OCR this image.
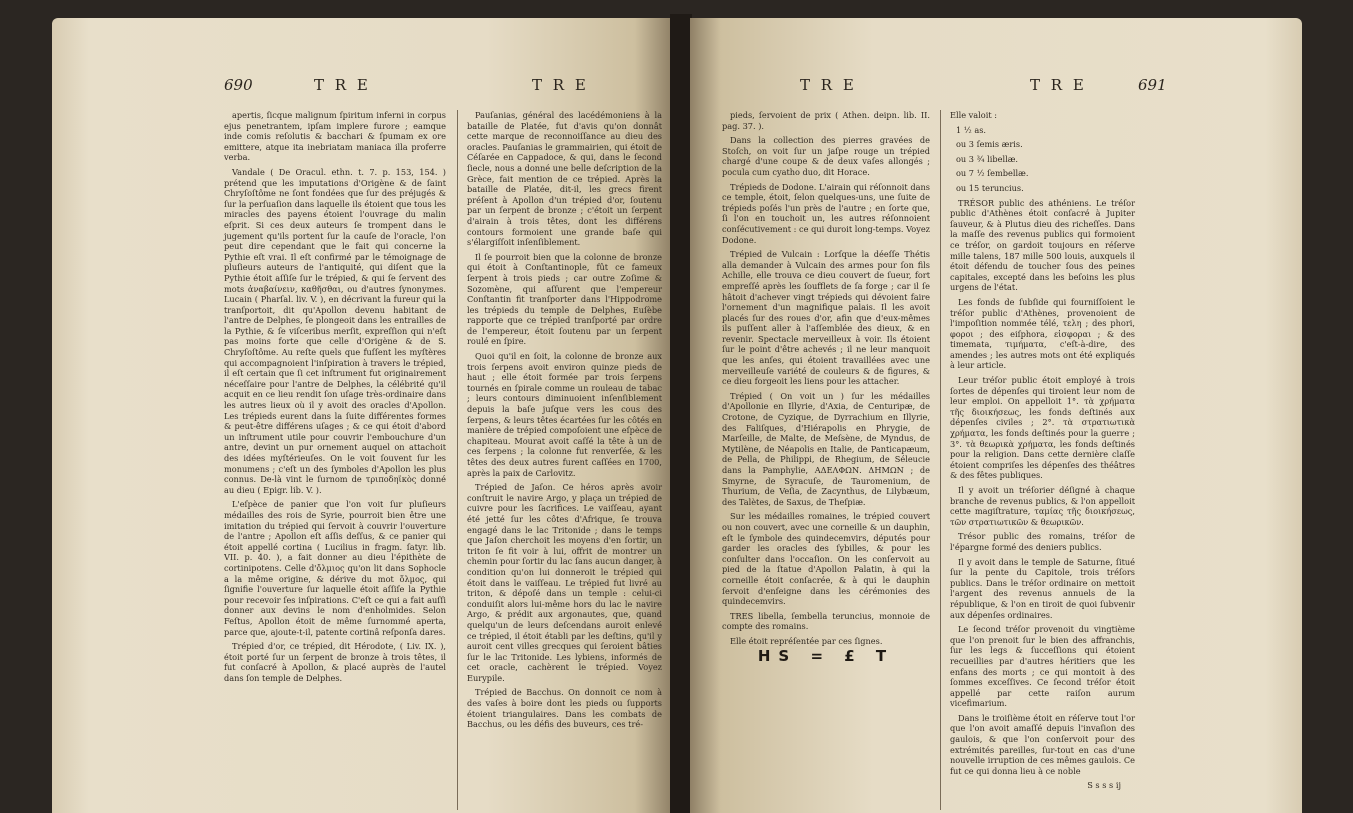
690	T R E	T R E

apertis, ſicque malignum ſpiritum inferni in corpus ejus penetrantem, ipſam implere furore ; eamque inde comis reſolutis & bacchari & ſpumam ex ore emittere, atque ita inebriatam maniaca illa proferre verba.

Vandale ( De Oracul. ethn. t. 7. p. 153, 154. ) prétend que les imputations d'Origène & de ſaint Chryſoſtôme ne ſont fondées que ſur des préjugés & ſur la perſuaſion dans laquelle ils étoient que tous les miracles des payens étoient l'ouvrage du malin eſprit. Si ces deux auteurs ſe trompent dans le jugement qu'ils portent ſur la cauſe de l'oracle, l'on peut dire cependant que le fait qui concerne la Pythie eſt vrai. Il eſt confirmé par le témoignage de pluſieurs auteurs de l'antiquité, qui diſent que la Pythie étoit aſſiſe ſur le trépied, & qui ſe ſervent des mots ἀναβαίνειν, καθῆσθαι, ou d'autres ſynonymes. Lucain ( Pharſal. liv. V. ), en décrivant la fureur qui la tranſportoit, dit qu'Apollon devenu habitant de l'antre de Delphes, ſe plongeoit dans les entrailles de la Pythie, & ſe viſceribus merſit, expreſſion qui n'eſt pas moins forte que celle d'Origène & de S. Chryſoſtôme. Au reſte quels que fuſſent les myſtères qui accompagnoient l'inſpiration à travers le trépied, il eſt certain que ſi cet inſtrument fut originairement néceſſaire pour l'antre de Delphes, la célébrité qu'il acquit en ce lieu rendit ſon uſage très-ordinaire dans les autres lieux où il y avoit des oracles d'Apollon. Les trépieds eurent dans la ſuite différentes formes & peut-être différens uſages ; & ce qui étoit d'abord un inſtrument utile pour couvrir l'embouchure d'un antre, devint un pur ornement auquel on attachoit des idées myſtérieuſes. On le voit ſouvent ſur les monumens ; c'eſt un des ſymboles d'Apollon les plus connus. De-là vint le ſurnom de τριποδηϊκὸς donné au dieu ( Epigr. lib. V. ).

L'eſpèce de panier que l'on voit ſur pluſieurs médailles des rois de Syrie, pourroit bien être une imitation du trépied qui ſervoit à couvrir l'ouverture de l'antre ; Apollon eſt aſſis deſſus, & ce panier qui étoit appellé cortina ( Lucilius in fragm. ſatyr. lib. VII. p. 40. ), a fait donner au dieu l'épithète de cortinipotens. Celle d'ὄλμιος qu'on lit dans Sophocle a la même origine, & dérive du mot ὅλμος, qui ſignifie l'ouverture ſur laquelle étoit aſſiſe la Pythie pour recevoir ſes inſpirations. C'eſt ce qui a fait auſſi donner aux devins le nom d'enholmides. Selon Feſtus, Apollon étoit de même ſurnommé aperta, parce que, ajoute-t-il, patente cortinâ reſponſa dares.

Trépied d'or, ce trépied, dit Hérodote, ( Liv. IX. ), étoit porté ſur un ſerpent de bronze à trois têtes, il fut conſacré à Apollon, & placé auprès de l'autel dans ſon temple de Delphes.

Pauſanias, général des lacédémoniens à la bataille de Platée, fut d'avis qu'on donnât cette marque de reconnoiſſance au dieu des oracles. Pauſanias le grammairien, qui étoit de Céſarée en Cappadoce, & qui, dans le ſecond ſiecle, nous a donné une belle deſcription de la Grèce, fait mention de ce trépied. Après la bataille de Platée, dit-il, les grecs firent préſent à Apollon d'un trépied d'or, ſoutenu par un ſerpent de bronze ; c'étoit un ſerpent d'airain à trois têtes, dont les différens contours formoient une grande baſe qui s'élargiſſoit inſenſiblement.

Il ſe pourroit bien que la colonne de bronze qui étoit à Conſtantinople, fût ce fameux ſerpent à trois pieds ; car outre Zoſime & Sozomène, qui aſſurent que l'empereur Conſtantin fit tranſporter dans l'Hippodrome les trépieds du temple de Delphes, Euſèbe rapporte que ce trépied tranſporté par ordre de l'empereur, étoit ſoutenu par un ſerpent roulé en ſpire.

Quoi qu'il en ſoit, la colonne de bronze aux trois ſerpens avoit environ quinze pieds de haut ; elle étoit formée par trois ſerpens tournés en ſpirale comme un rouleau de tabac ; leurs contours diminuoient inſenſiblement depuis la baſe juſque vers les cous des ſerpens, & leurs têtes écartées ſur les côtés en manière de trépied compoſoient une eſpèce de chapiteau. Mourat avoit caſſé la tête à un de ces ſerpens ; la colonne fut renverſée, & les têtes des deux autres furent caſſées en 1700, après la paix de Carlovitz.

Trépied de Jaſon. Ce héros après avoir conſtruit le navire Argo, y plaça un trépied de cuivre pour les ſacrifices. Le vaiſſeau, ayant été jetté ſur les côtes d'Afrique, ſe trouva engagé dans le lac Tritonide ; dans le temps que Jaſon cherchoit les moyens d'en ſortir, un triton ſe fit voir à lui, offrit de montrer un chemin pour ſortir du lac ſans aucun danger, à condition qu'on lui donneroit le trépied qui étoit dans le vaiſſeau. Le trépied fut livré au triton, & dépoſé dans un temple : celui-ci conduiſit alors lui-même hors du lac le navire Argo, & prédit aux argonautes, que, quand quelqu'un de leurs deſcendans auroit enlevé ce trépied, il étoit établi par les deſtins, qu'il y auroit cent villes grecques qui ſeroient bâties ſur le lac Tritonide. Les lybiens, informés de cet oracle, cachèrent le trépied. Voyez Eurypile.

Trépied de Bacchus. On donnoit ce nom à des vaſes à boire dont les pieds ou ſupports étoient triangulaires. Dans les combats de Bacchus, ou les défis des buveurs, ces tré-

T R E	T R E	691

pieds, ſervoient de prix ( Athen. deipn. lib. II. pag. 37. ).

Dans la collection des pierres gravées de Stoſch, on voit ſur un jaſpe rouge un trépied chargé d'une coupe & de deux vaſes allongés ; pocula cum cyatho duo, dit Horace.

Trépieds de Dodone. L'airain qui réſonnoit dans ce temple, étoit, ſelon quelques-uns, une ſuite de trépieds poſés l'un près de l'autre ; en ſorte que, ſi l'on en touchoit un, les autres réſonnoient conſécutivement : ce qui duroit long-temps. Voyez Dodone.

Trépied de Vulcain : Lorſque la déeſſe Thétis alla demander à Vulcain des armes pour ſon fils Achille, elle trouva ce dieu couvert de ſueur, fort empreſſé après les ſoufflets de ſa forge ; car il ſe hâtoit d'achever vingt trépieds qui dévoient faire l'ornement d'un magnifique palais. Il les avoit placés ſur des roues d'or, afin que d'eux-mêmes ils puſſent aller à l'aſſemblée des dieux, & en revenir. Spectacle merveilleux à voir. Ils étoient ſur le point d'être achevés ; il ne leur manquoit que les anſes, qui étoient travaillées avec une merveilleuſe variété de couleurs & de figures, & ce dieu forgeoit les liens pour les attacher.

Trépied ( On voit un ) ſur les médailles d'Apollonie en Illyrie, d'Axia, de Centuripæ, de Crotone, de Cyzique, de Dyrrachium en Illyrie, des Faliſques, d'Hiérapolis en Phrygie, de Marſeille, de Malte, de Meſsène, de Myndus, de Mytilène, de Néapolis en Italie, de Panticapæum, de Pella, de Philippi, de Rhegium, de Séleucie dans la Pamphylie, ΑΔΕΛΦΩΝ. ΔΗΜΩΝ ; de Smyrne, de Syracuſe, de Tauromenium, de Thurium, de Veſia, de Zacynthus, de Lilybæum, des Talètes, de Saxus, de Theſpiæ.

Sur les médailles romaines, le trépied couvert ou non couvert, avec une corneille & un dauphin, eſt le ſymbole des quindecemvirs, députés pour garder les oracles des ſybilles, & pour les conſulter dans l'occaſion. On les conſervoit au pied de la ſtatue d'Apollon Palatin, à qui la corneille étoit conſacrée, & à qui le dauphin ſervoit d'enſeigne dans les cérémonies des quindecemvirs.

TRES libella, ſembella teruncius, monnoie de compte des romains.

Elle étoit repréſentée par ces ſignes.

HS = £ T

Elle valoit :

1 ½ as.
ou 3 ſemis æris.
ou 3 ¾ libellæ.
ou 7 ½ ſembellæ.
ou 15 teruncius.

TRÉSOR public des athéniens. Le tréſor public d'Athènes étoit conſacré à Jupiter ſauveur, & à Plutus dieu des richeſſes. Dans la maſſe des revenus publics qui formoient ce tréſor, on gardoit toujours en réſerve mille talens, 187 mille 500 louis, auxquels il étoit défendu de toucher ſous des peines capitales, excepté dans les beſoins les plus urgens de l'état.

Les fonds de ſubſide qui fourniſſoient le tréſor public d'Athènes, provenoient de l'impoſition nommée télé, τελη ; des phori, φοροι ; des eiſphora, εἰσφοραι ; & des timemata, τιμήματα, c'eſt-à-dire, des amendes ; les autres mots ont été expliqués à leur article.

Leur tréſor public étoit employé à trois ſortes de dépenſes qui tiroient leur nom de leur emploi. On appelloit 1°. τὰ χρήματα τῆς διοικήσεως, les fonds deſtinés aux dépenſes civiles ; 2°. τὰ στρατιωτικὰ χρήματα, les fonds deſtinés pour la guerre ; 3°. τὰ θεωρικὰ χρήματα, les fonds deſtinés pour la religion. Dans cette dernière claſſe étoient compriſes les dépenſes des théâtres & des fêtes publiques.

Il y avoit un tréſorier déſigné à chaque branche de revenus publics, & l'on appelloit cette magiſtrature, ταμίας τῆς διοικήσεως, τῶν στρατιωτικῶν & θεωρικῶν.

Trésor public des romains, tréſor de l'épargne formé des deniers publics.

Il y avoit dans le temple de Saturne, ſitué ſur la pente du Capitole, trois tréſors publics. Dans le tréſor ordinaire on mettoit l'argent des revenus annuels de la république, & l'on en tiroit de quoi ſubvenir aux dépenſes ordinaires.

Le ſecond tréſor provenoit du vingtième que l'on prenoit ſur le bien des affranchis, ſur les legs & ſucceſſions qui étoient recueillies par d'autres héritiers que les enfans des morts ; ce qui montoit à des ſommes exceſſives. Ce ſecond tréſor étoit appellé par cette raiſon aurum vicefimarium.

Dans le troiſième étoit en réſerve tout l'or que l'on avoit amaſſé depuis l'invaſion des gaulois, & que l'on conſervoit pour des extrémités pareilles, ſur-tout en cas d'une nouvelle irruption de ces mêmes gaulois. Ce fut ce qui donna lieu à ce noble

S s s s ij
